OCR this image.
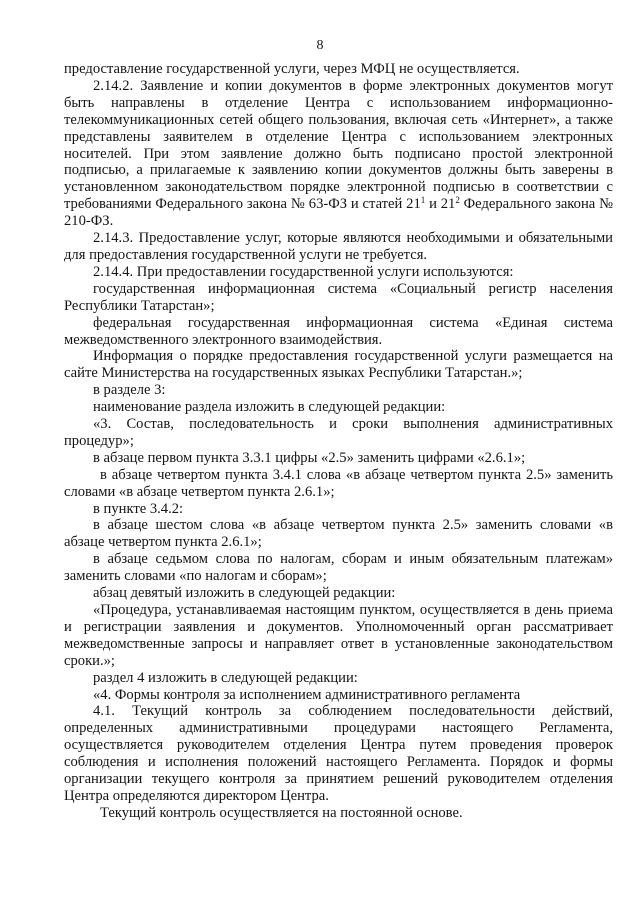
8

предоставление государственной услуги, через МФЦ не осуществляется.

2.14.2. Заявление и копии документов в форме электронных документов могут быть направлены в отделение Центра с использованием информационно-телекоммуникационных сетей общего пользования, включая сеть «Интернет», а также представлены заявителем в отделение Центра с использованием электронных носителей. При этом заявление должно быть подписано простой электронной подписью, а прилагаемые к заявлению копии документов должны быть заверены в установленном законодательством порядке электронной подписью в соответствии с требованиями Федерального закона № 63-ФЗ и статей $21^1$ и $21^2$ Федерального закона № 210-ФЗ.

2.14.3. Предоставление услуг, которые являются необходимыми и обязательными для предоставления государственной услуги не требуется.

2.14.4. При предоставлении государственной услуги используются:

государственная информационная система «Социальный регистр населения Республики Татарстан»;

федеральная государственная информационная система «Единая система межведомственного электронного взаимодействия.

Информация о порядке предоставления государственной услуги размещается на сайте Министерства на государственных языках Республики Татарстан.»;

в разделе 3:

наименование раздела изложить в следующей редакции:

«3. Состав, последовательность и сроки выполнения административных процедур»;

в абзаце первом пункта 3.3.1 цифры «2.5» заменить цифрами «2.6.1»;

в абзаце четвертом пункта 3.4.1 слова «в абзаце четвертом пункта 2.5» заменить словами «в абзаце четвертом пункта 2.6.1»;

в пункте 3.4.2:

в абзаце шестом слова «в абзаце четвертом пункта 2.5» заменить словами «в абзаце четвертом пункта 2.6.1»;

в абзаце седьмом слова по налогам, сборам и иным обязательным платежам» заменить словами «по налогам и сборам»;

абзац девятый изложить в следующей редакции:

«Процедура, устанавливаемая настоящим пунктом, осуществляется в день приема и регистрации заявления и документов. Уполномоченный орган рассматривает межведомственные запросы и направляет ответ в установленные законодательством сроки.»;

раздел 4 изложить в следующей редакции:

«4. Формы контроля за исполнением административного регламента

4.1. Текущий контроль за соблюдением последовательности действий, определенных административными процедурами настоящего Регламента, осуществляется руководителем отделения Центра путем проведения проверок соблюдения и исполнения положений настоящего Регламента. Порядок и формы организации текущего контроля за принятием решений руководителем отделения Центра определяются директором Центра.

Текущий контроль осуществляется на постоянной основе.
